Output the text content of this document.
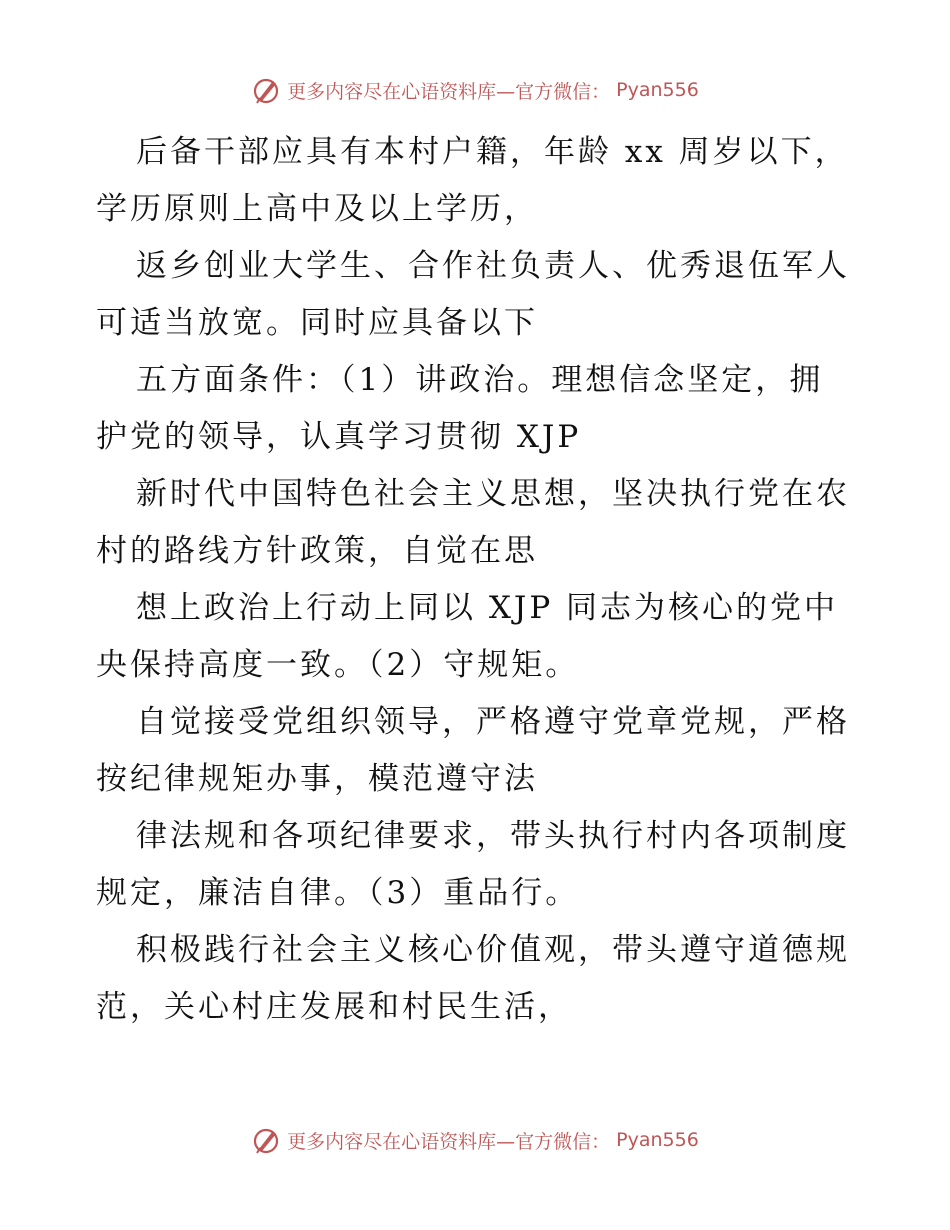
更多内容尽在心语资料库—官方微信： Pyan556

后备干部应具有本村户籍，年龄 xx 周岁以下，学历原则上高中及以上学历，

返乡创业大学生、合作社负责人、优秀退伍军人可适当放宽。同时应具备以下

五方面条件：（1）讲政治。理想信念坚定，拥护党的领导，认真学习贯彻 XJP

新时代中国特色社会主义思想，坚决执行党在农村的路线方针政策，自觉在思

想上政治上行动上同以 XJP 同志为核心的党中央保持高度一致。（2）守规矩。

自觉接受党组织领导，严格遵守党章党规，严格按纪律规矩办事，模范遵守法

律法规和各项纪律要求，带头执行村内各项制度规定，廉洁自律。（3）重品行。

积极践行社会主义核心价值观，带头遵守道德规范，关心村庄发展和村民生活，

更多内容尽在心语资料库—官方微信： Pyan556
